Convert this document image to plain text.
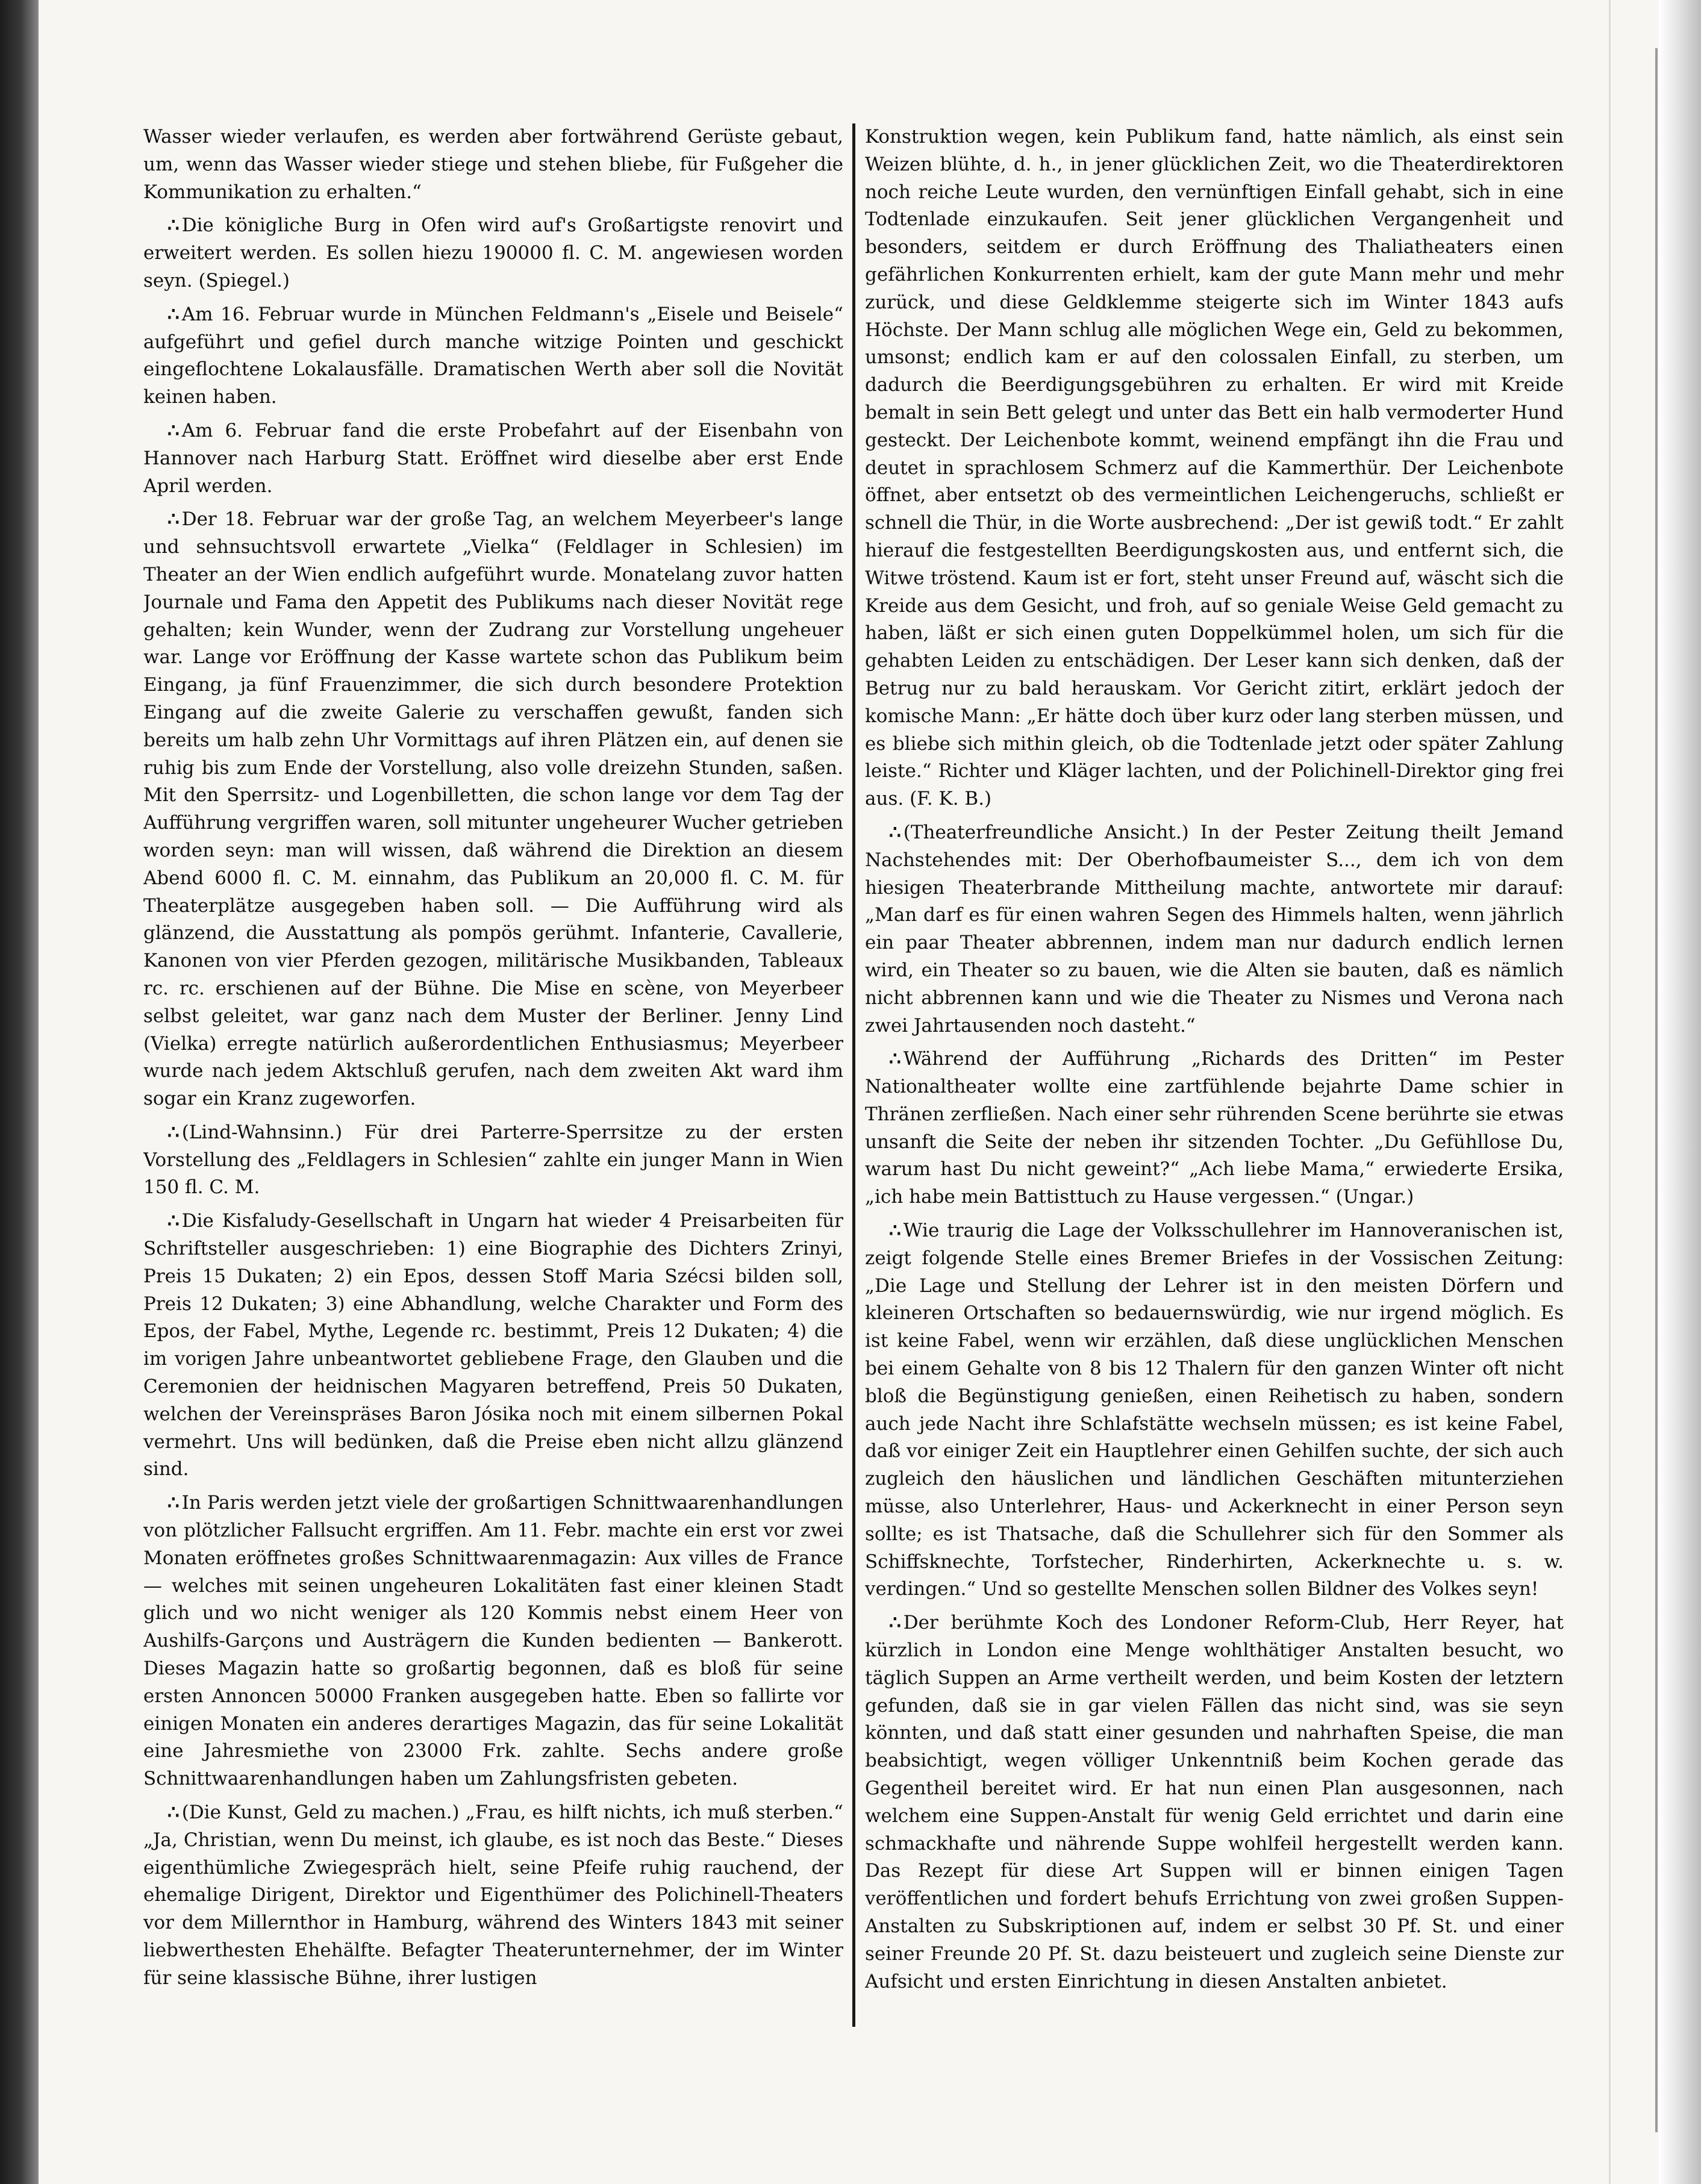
Wasser wieder verlaufen, es werden aber fortwährend Gerüste gebaut, um, wenn das Wasser wieder stiege und stehen bliebe, für Fußgeher die Kommunikation zu erhalten.“

∴ Die königliche Burg in Ofen wird auf's Großartigste renovirt und erweitert werden. Es sollen hiezu 190000 fl. C. M. angewiesen worden seyn. (Spiegel.)

∴ Am 16. Februar wurde in München Feldmann's „Eisele und Beisele“ aufgeführt und gefiel durch manche witzige Pointen und geschickt eingeflochtene Lokalausfälle. Dramatischen Werth aber soll die Novität keinen haben.

∴ Am 6. Februar fand die erste Probefahrt auf der Eisenbahn von Hannover nach Harburg Statt. Eröffnet wird dieselbe aber erst Ende April werden.

∴ Der 18. Februar war der große Tag, an welchem Meyerbeer's lange und sehnsuchtsvoll erwartete „Vielka“ (Feldlager in Schlesien) im Theater an der Wien endlich aufgeführt wurde. Monatelang zuvor hatten Journale und Fama den Appetit des Publikums nach dieser Novität rege gehalten; kein Wunder, wenn der Zudrang zur Vorstellung ungeheuer war. Lange vor Eröffnung der Kasse wartete schon das Publikum beim Eingang, ja fünf Frauenzimmer, die sich durch besondere Protektion Eingang auf die zweite Galerie zu verschaffen gewußt, fanden sich bereits um halb zehn Uhr Vormittags auf ihren Plätzen ein, auf denen sie ruhig bis zum Ende der Vorstellung, also volle dreizehn Stunden, saßen. Mit den Sperrsitz- und Logenbilletten, die schon lange vor dem Tag der Aufführung vergriffen waren, soll mitunter ungeheurer Wucher getrieben worden seyn: man will wissen, daß während die Direktion an diesem Abend 6000 fl. C. M. einnahm, das Publikum an 20,000 fl. C. M. für Theaterplätze ausgegeben haben soll. — Die Aufführung wird als glänzend, die Ausstattung als pompös gerühmt. Infanterie, Cavallerie, Kanonen von vier Pferden gezogen, militärische Musikbanden, Tableaux rc. rc. erschienen auf der Bühne. Die Mise en scène, von Meyerbeer selbst geleitet, war ganz nach dem Muster der Berliner. Jenny Lind (Vielka) erregte natürlich außerordentlichen Enthusiasmus; Meyerbeer wurde nach jedem Aktschluß gerufen, nach dem zweiten Akt ward ihm sogar ein Kranz zugeworfen.

∴ (Lind-Wahnsinn.) Für drei Parterre-Sperrsitze zu der ersten Vorstellung des „Feldlagers in Schlesien“ zahlte ein junger Mann in Wien 150 fl. C. M.

∴ Die Kisfaludy-Gesellschaft in Ungarn hat wieder 4 Preisarbeiten für Schriftsteller ausgeschrieben: 1) eine Biographie des Dichters Zrinyi, Preis 15 Dukaten; 2) ein Epos, dessen Stoff Maria Szécsi bilden soll, Preis 12 Dukaten; 3) eine Abhandlung, welche Charakter und Form des Epos, der Fabel, Mythe, Legende rc. bestimmt, Preis 12 Dukaten; 4) die im vorigen Jahre unbeantwortet gebliebene Frage, den Glauben und die Ceremonien der heidnischen Magyaren betreffend, Preis 50 Dukaten, welchen der Vereinspräses Baron Jósika noch mit einem silbernen Pokal vermehrt. Uns will bedünken, daß die Preise eben nicht allzu glänzend sind.

∴ In Paris werden jetzt viele der großartigen Schnittwaarenhandlungen von plötzlicher Fallsucht ergriffen. Am 11. Febr. machte ein erst vor zwei Monaten eröffnetes großes Schnittwaarenmagazin: Aux villes de France — welches mit seinen ungeheuren Lokalitäten fast einer kleinen Stadt glich und wo nicht weniger als 120 Kommis nebst einem Heer von Aushilfs-Garçons und Austrägern die Kunden bedienten — Bankerott. Dieses Magazin hatte so großartig begonnen, daß es bloß für seine ersten Annoncen 50000 Franken ausgegeben hatte. Eben so fallirte vor einigen Monaten ein anderes derartiges Magazin, das für seine Lokalität eine Jahresmiethe von 23000 Frk. zahlte. Sechs andere große Schnittwaarenhandlungen haben um Zahlungsfristen gebeten.

∴ (Die Kunst, Geld zu machen.) „Frau, es hilft nichts, ich muß sterben.“ „Ja, Christian, wenn Du meinst, ich glaube, es ist noch das Beste.“ Dieses eigenthümliche Zwiegespräch hielt, seine Pfeife ruhig rauchend, der ehemalige Dirigent, Direktor und Eigenthümer des Polichinell-Theaters vor dem Millernthor in Hamburg, während des Winters 1843 mit seiner liebwerthesten Ehehälfte. Befagter Theaterunternehmer, der im Winter für seine klassische Bühne, ihrer lustigen

Konstruktion wegen, kein Publikum fand, hatte nämlich, als einst sein Weizen blühte, d. h., in jener glücklichen Zeit, wo die Theaterdirektoren noch reiche Leute wurden, den vernünftigen Einfall gehabt, sich in eine Todtenlade einzukaufen. Seit jener glücklichen Vergangenheit und besonders, seitdem er durch Eröffnung des Thaliatheaters einen gefährlichen Konkurrenten erhielt, kam der gute Mann mehr und mehr zurück, und diese Geldklemme steigerte sich im Winter 1843 aufs Höchste. Der Mann schlug alle möglichen Wege ein, Geld zu bekommen, umsonst; endlich kam er auf den colossalen Einfall, zu sterben, um dadurch die Beerdigungsgebühren zu erhalten. Er wird mit Kreide bemalt in sein Bett gelegt und unter das Bett ein halb vermoderter Hund gesteckt. Der Leichenbote kommt, weinend empfängt ihn die Frau und deutet in sprachlosem Schmerz auf die Kammerthür. Der Leichenbote öffnet, aber entsetzt ob des vermeintlichen Leichengeruchs, schließt er schnell die Thür, in die Worte ausbrechend: „Der ist gewiß todt.“ Er zahlt hierauf die festgestellten Beerdigungskosten aus, und entfernt sich, die Witwe tröstend. Kaum ist er fort, steht unser Freund auf, wäscht sich die Kreide aus dem Gesicht, und froh, auf so geniale Weise Geld gemacht zu haben, läßt er sich einen guten Doppelkümmel holen, um sich für die gehabten Leiden zu entschädigen. Der Leser kann sich denken, daß der Betrug nur zu bald herauskam. Vor Gericht zitirt, erklärt jedoch der komische Mann: „Er hätte doch über kurz oder lang sterben müssen, und es bliebe sich mithin gleich, ob die Todtenlade jetzt oder später Zahlung leiste.“ Richter und Kläger lachten, und der Polichinell-Direktor ging frei aus. (F. K. B.)

∴ (Theaterfreundliche Ansicht.) In der Pester Zeitung theilt Jemand Nachstehendes mit: Der Oberhofbaumeister S..., dem ich von dem hiesigen Theaterbrande Mittheilung machte, antwortete mir darauf: „Man darf es für einen wahren Segen des Himmels halten, wenn jährlich ein paar Theater abbrennen, indem man nur dadurch endlich lernen wird, ein Theater so zu bauen, wie die Alten sie bauten, daß es nämlich nicht abbrennen kann und wie die Theater zu Nismes und Verona nach zwei Jahrtausenden noch dasteht.“

∴ Während der Aufführung „Richards des Dritten“ im Pester Nationaltheater wollte eine zartfühlende bejahrte Dame schier in Thränen zerfließen. Nach einer sehr rührenden Scene berührte sie etwas unsanft die Seite der neben ihr sitzenden Tochter. „Du Gefühllose Du, warum hast Du nicht geweint?“ „Ach liebe Mama,“ erwiederte Ersika, „ich habe mein Battisttuch zu Hause vergessen.“ (Ungar.)

∴ Wie traurig die Lage der Volksschullehrer im Hannoveranischen ist, zeigt folgende Stelle eines Bremer Briefes in der Vossischen Zeitung: „Die Lage und Stellung der Lehrer ist in den meisten Dörfern und kleineren Ortschaften so bedauernswürdig, wie nur irgend möglich. Es ist keine Fabel, wenn wir erzählen, daß diese unglücklichen Menschen bei einem Gehalte von 8 bis 12 Thalern für den ganzen Winter oft nicht bloß die Begünstigung genießen, einen Reihetisch zu haben, sondern auch jede Nacht ihre Schlafstätte wechseln müssen; es ist keine Fabel, daß vor einiger Zeit ein Hauptlehrer einen Gehilfen suchte, der sich auch zugleich den häuslichen und ländlichen Geschäften mitunterziehen müsse, also Unterlehrer, Haus- und Ackerknecht in einer Person seyn sollte; es ist Thatsache, daß die Schullehrer sich für den Sommer als Schiffsknechte, Torfstecher, Rinderhirten, Ackerknechte u. s. w. verdingen.“ Und so gestellte Menschen sollen Bildner des Volkes seyn!

∴ Der berühmte Koch des Londoner Reform-Club, Herr Reyer, hat kürzlich in London eine Menge wohlthätiger Anstalten besucht, wo täglich Suppen an Arme vertheilt werden, und beim Kosten der letztern gefunden, daß sie in gar vielen Fällen das nicht sind, was sie seyn könnten, und daß statt einer gesunden und nahrhaften Speise, die man beabsichtigt, wegen völliger Unkenntniß beim Kochen gerade das Gegentheil bereitet wird. Er hat nun einen Plan ausgesonnen, nach welchem eine Suppen-Anstalt für wenig Geld errichtet und darin eine schmackhafte und nährende Suppe wohlfeil hergestellt werden kann. Das Rezept für diese Art Suppen will er binnen einigen Tagen veröffentlichen und fordert behufs Errichtung von zwei großen Suppen-Anstalten zu Subskriptionen auf, indem er selbst 30 Pf. St. und einer seiner Freunde 20 Pf. St. dazu beisteuert und zugleich seine Dienste zur Aufsicht und ersten Einrichtung in diesen Anstalten anbietet.
